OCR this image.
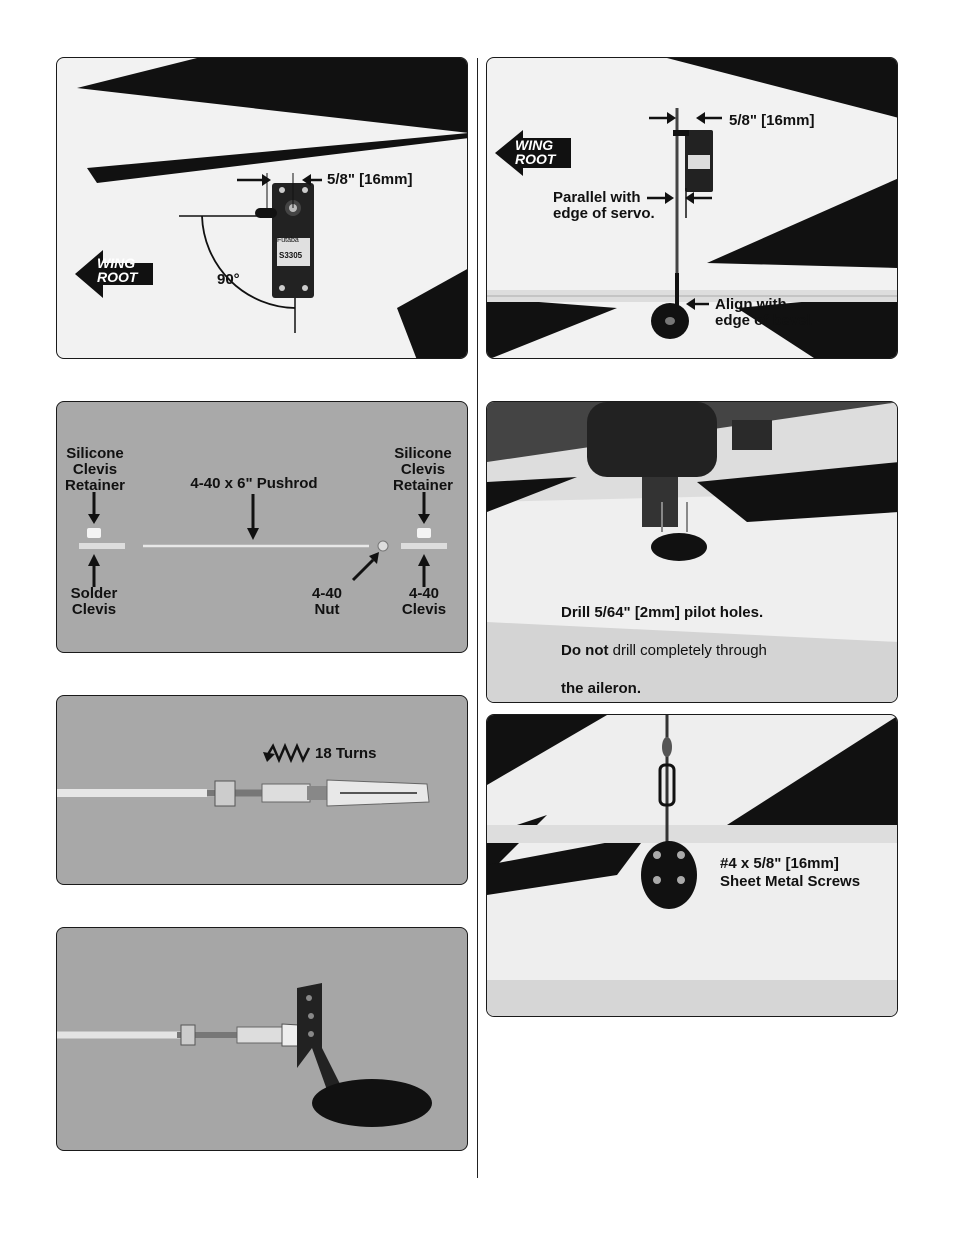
5/8" [16mm]
90°
WING
ROOT
Futaba
S3305
5/8" [16mm]
Parallel with
edge of servo.
Align with
edge of bevel.
WING
ROOT
Silicone
Clevis
Retainer
Silicone
Clevis
Retainer
4-40 x 6" Pushrod
Solder
Clevis
4-40
Nut
4-40
Clevis	Drill 5/64" [2mm] pilot holes.

Do not drill completely through

the aileron.

18 Turns
#4 x 5/8" [16mm]
Sheet Metal Screws
